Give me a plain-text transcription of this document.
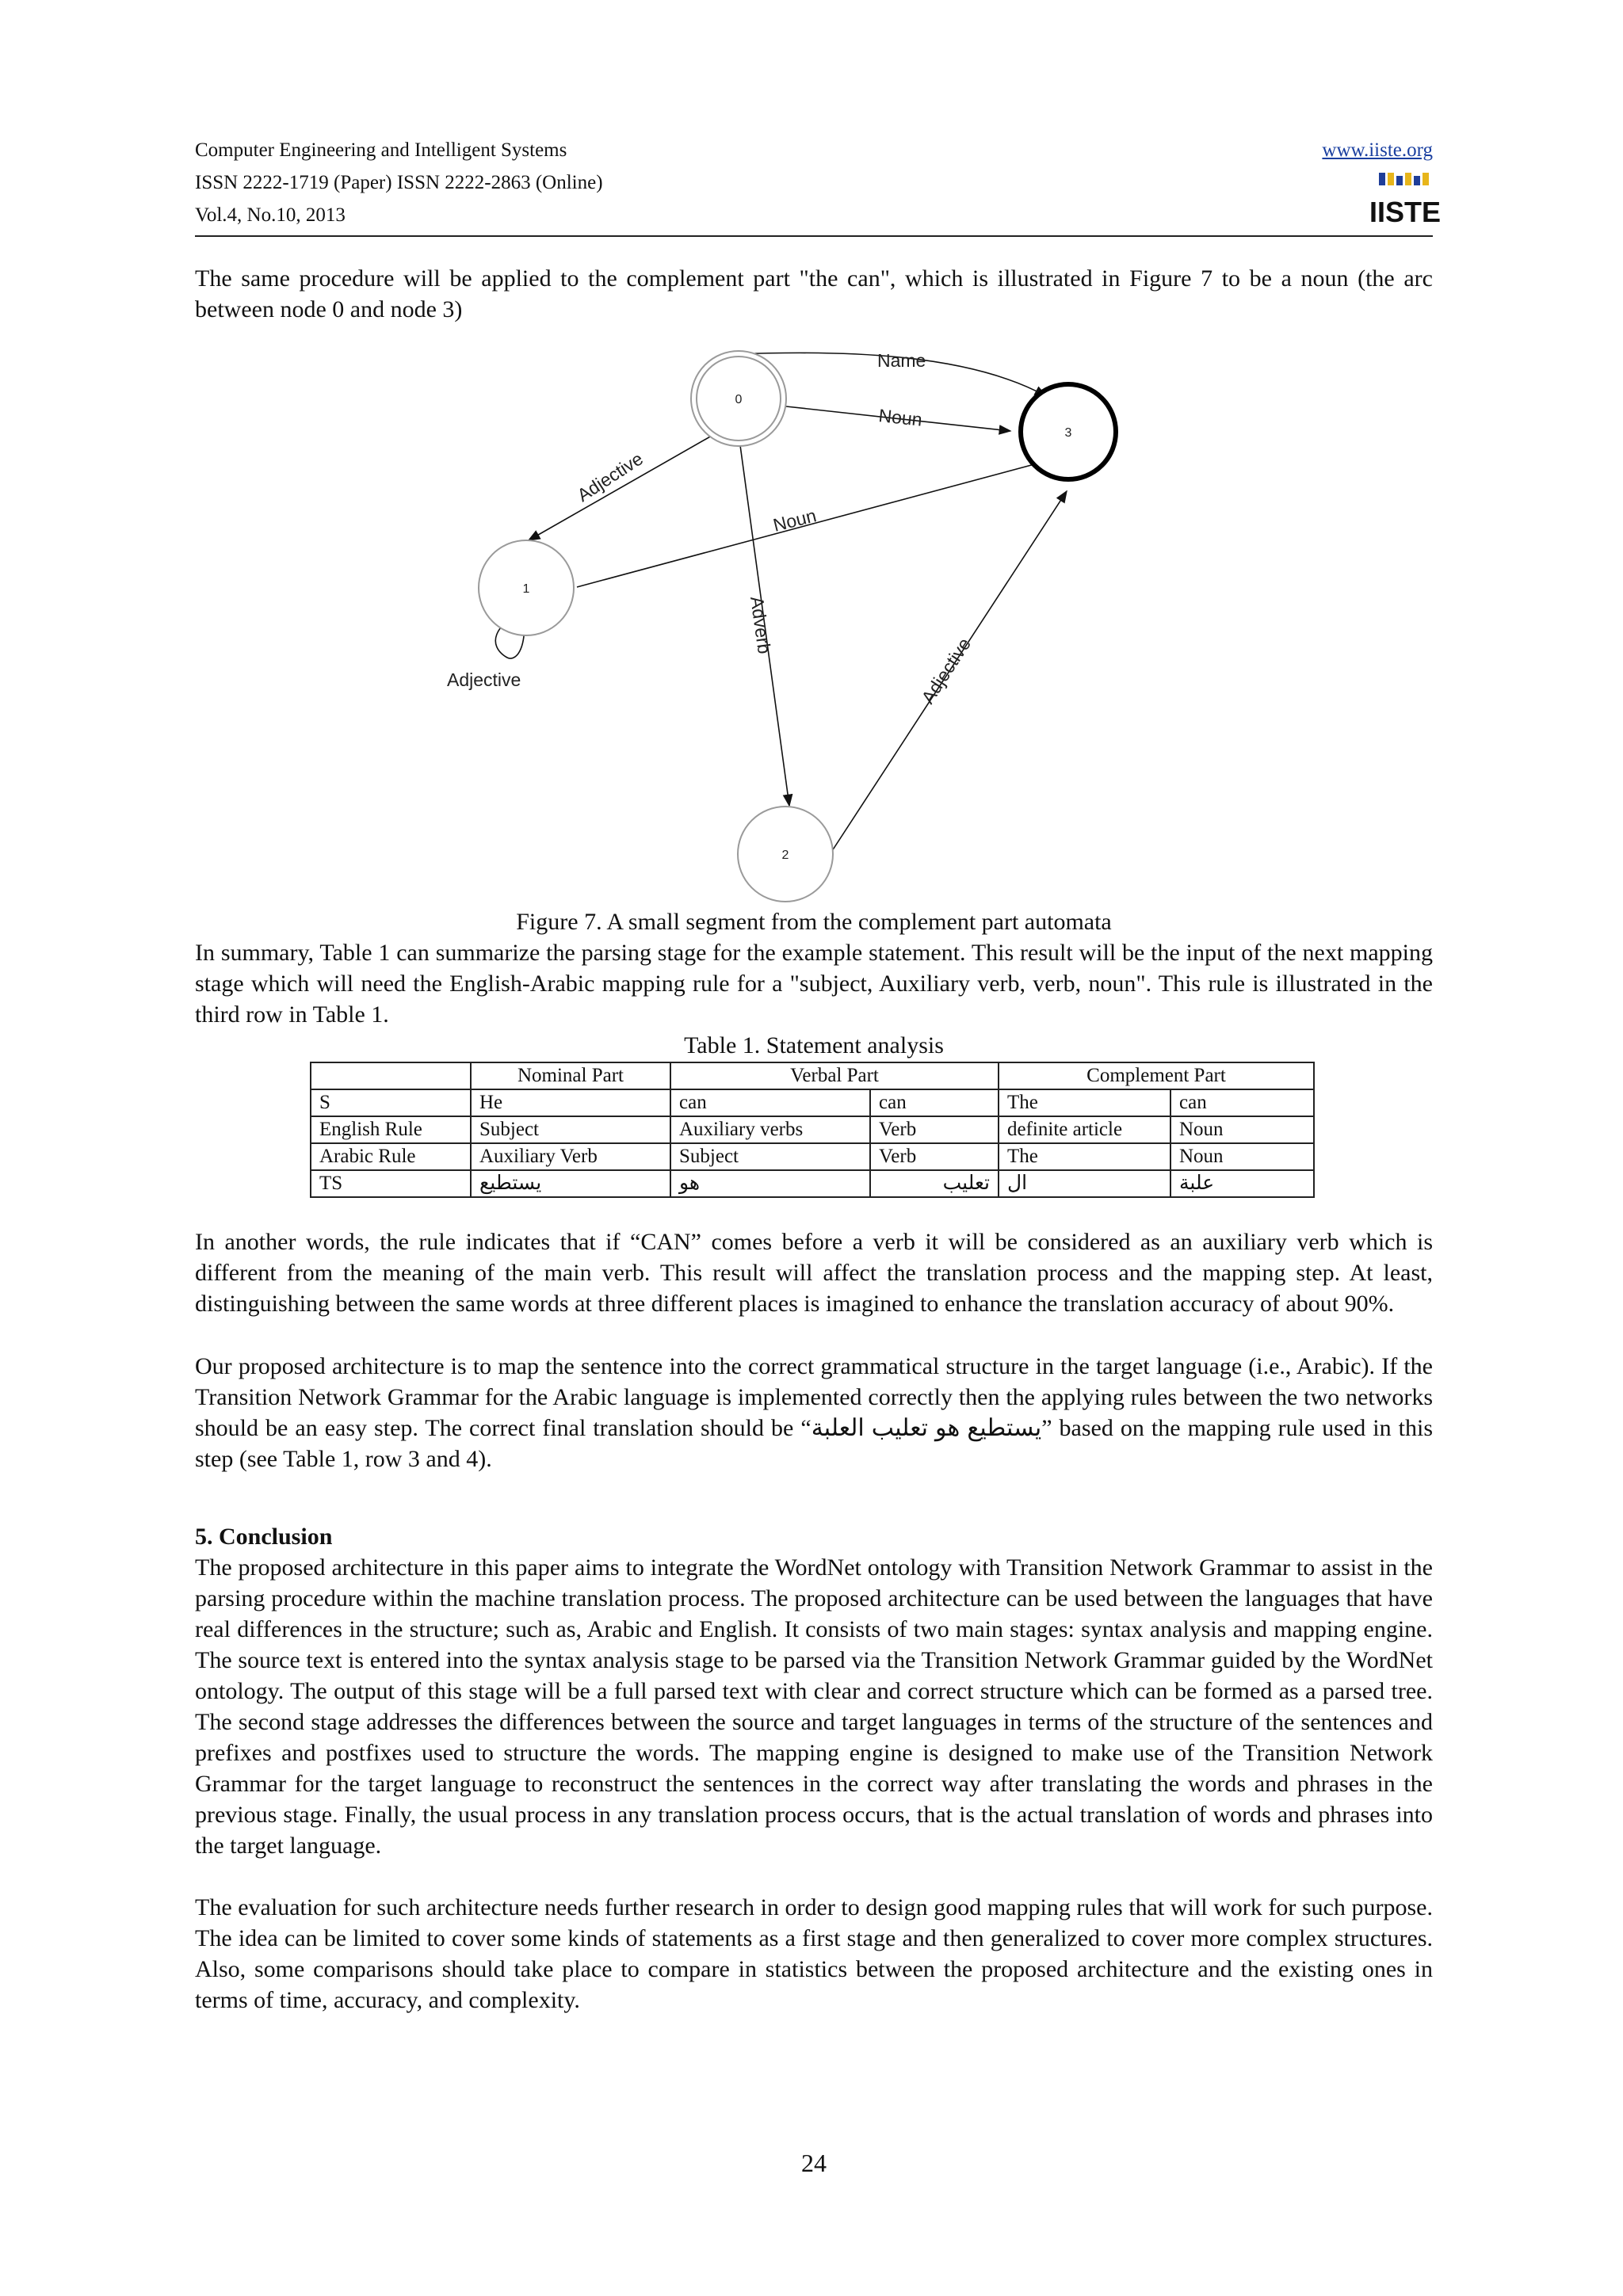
Computer Engineering and Intelligent Systems
ISSN 2222-1719 (Paper) ISSN 2222-2863 (Online)
Vol.4, No.10, 2013
www.iiste.org
IISTE

The same procedure will be applied to the complement part "the can", which is illustrated in Figure 7 to be a noun (the arc between node 0 and node 3)

0
1
2
3
Name
Noun
Adjective
Noun
Adverb
Adjective
Adjective

Figure 7. A small segment from the complement part automata

In summary, Table 1 can summarize the parsing stage for the example statement. This result will be the input of the next mapping stage which will need the English-Arabic mapping rule for a "subject, Auxiliary verb, verb, noun". This rule is illustrated in the third row in Table 1.

Table 1. Statement analysis

	Nominal Part	Verbal Part		Complement Part	
S	He	can	can	The	can
English Rule	Subject	Auxiliary verbs	Verb	definite article	Noun
Arabic Rule	Auxiliary Verb	Subject	Verb	The	Noun
TS	يستطيع	هو	تعليب	ال	علبة

In another words, the rule indicates that if “CAN” comes before a verb it will be considered as an auxiliary verb which is different from the meaning of the main verb. This result will affect the translation process and the mapping step. At least, distinguishing between the same words at three different places is imagined to enhance the translation accuracy of about 90%.

Our proposed architecture is to map the sentence into the correct grammatical structure in the target language (i.e., Arabic). If the Transition Network Grammar for the Arabic language is implemented correctly then the applying rules between the two networks should be an easy step. The correct final translation should be “	يستطيع هو تعليب العلبة	” based on the mapping rule used in this step (see Table 1, row 3 and 4).

5. Conclusion

The proposed architecture in this paper aims to integrate the WordNet ontology with Transition Network Grammar to assist in the parsing procedure within the machine translation process. The proposed architecture can be used between the languages that have real differences in the structure; such as, Arabic and English. It consists of two main stages: syntax analysis and mapping engine. The source text is entered into the syntax analysis stage to be parsed via the Transition Network Grammar guided by the WordNet ontology. The output of this stage will be a full parsed text with clear and correct structure which can be formed as a parsed tree. The second stage addresses the differences between the source and target languages in terms of the structure of the sentences and prefixes and postfixes used to structure the words. The mapping engine is designed to make use of the Transition Network Grammar for the target language to reconstruct the sentences in the correct way after translating the words and phrases in the previous stage. Finally, the usual process in any translation process occurs, that is the actual translation of words and phrases into the target language.

The evaluation for such architecture needs further research in order to design good mapping rules that will work for such purpose. The idea can be limited to cover some kinds of statements as a first stage and then generalized to cover more complex structures. Also, some comparisons should take place to compare in statistics between the proposed architecture and the existing ones in terms of time, accuracy, and complexity.

24
